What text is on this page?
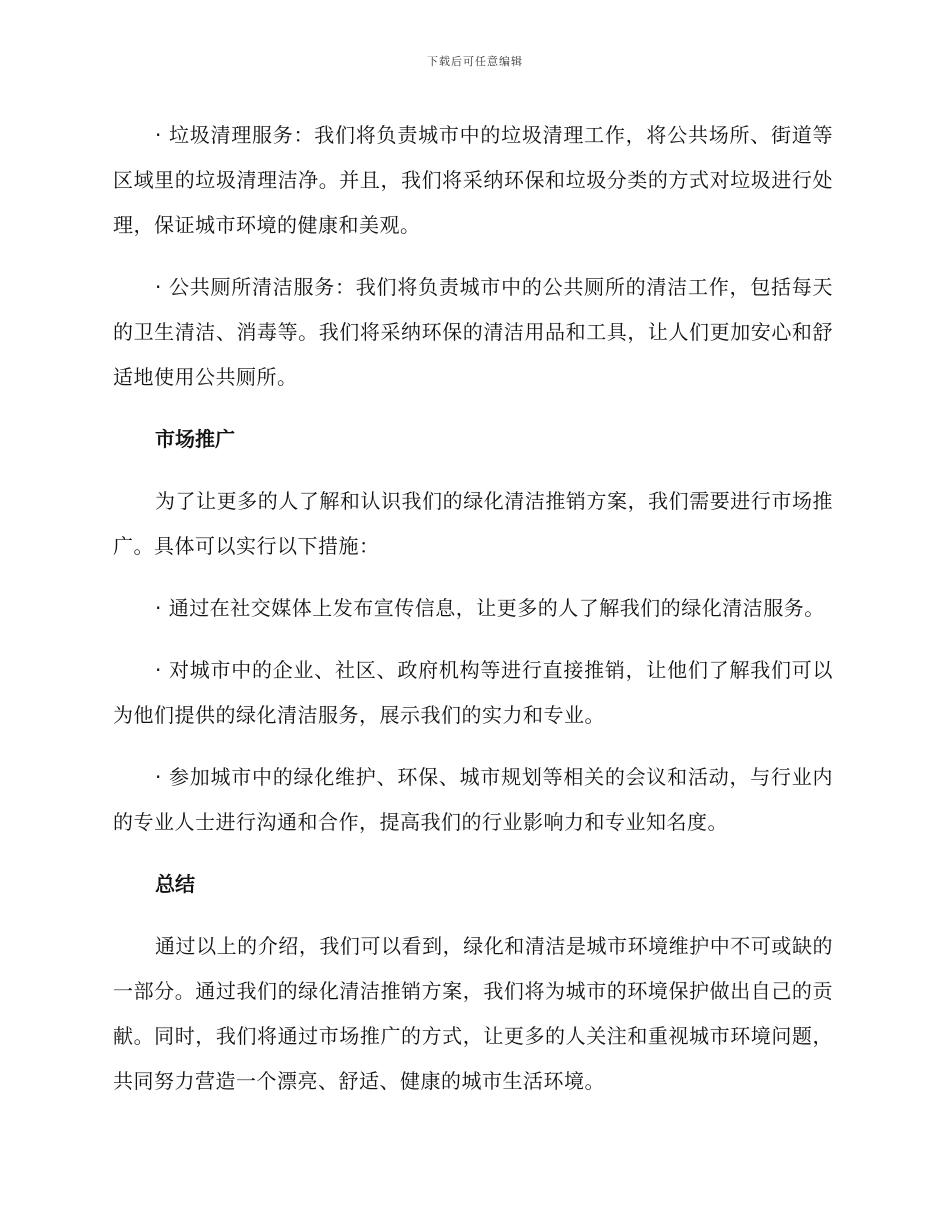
下载后可任意编辑

· 垃圾清理服务：我们将负责城市中的垃圾清理工作，将公共场所、街道等区域里的垃圾清理洁净。并且，我们将采纳环保和垃圾分类的方式对垃圾进行处理，保证城市环境的健康和美观。

· 公共厕所清洁服务：我们将负责城市中的公共厕所的清洁工作，包括每天的卫生清洁、消毒等。我们将采纳环保的清洁用品和工具，让人们更加安心和舒适地使用公共厕所。

市场推广

为了让更多的人了解和认识我们的绿化清洁推销方案，我们需要进行市场推广。具体可以实行以下措施：

· 通过在社交媒体上发布宣传信息，让更多的人了解我们的绿化清洁服务。

· 对城市中的企业、社区、政府机构等进行直接推销，让他们了解我们可以为他们提供的绿化清洁服务，展示我们的实力和专业。

· 参加城市中的绿化维护、环保、城市规划等相关的会议和活动，与行业内的专业人士进行沟通和合作，提高我们的行业影响力和专业知名度。

总结

通过以上的介绍，我们可以看到，绿化和清洁是城市环境维护中不可或缺的一部分。通过我们的绿化清洁推销方案，我们将为城市的环境保护做出自己的贡献。同时，我们将通过市场推广的方式，让更多的人关注和重视城市环境问题，共同努力营造一个漂亮、舒适、健康的城市生活环境。
